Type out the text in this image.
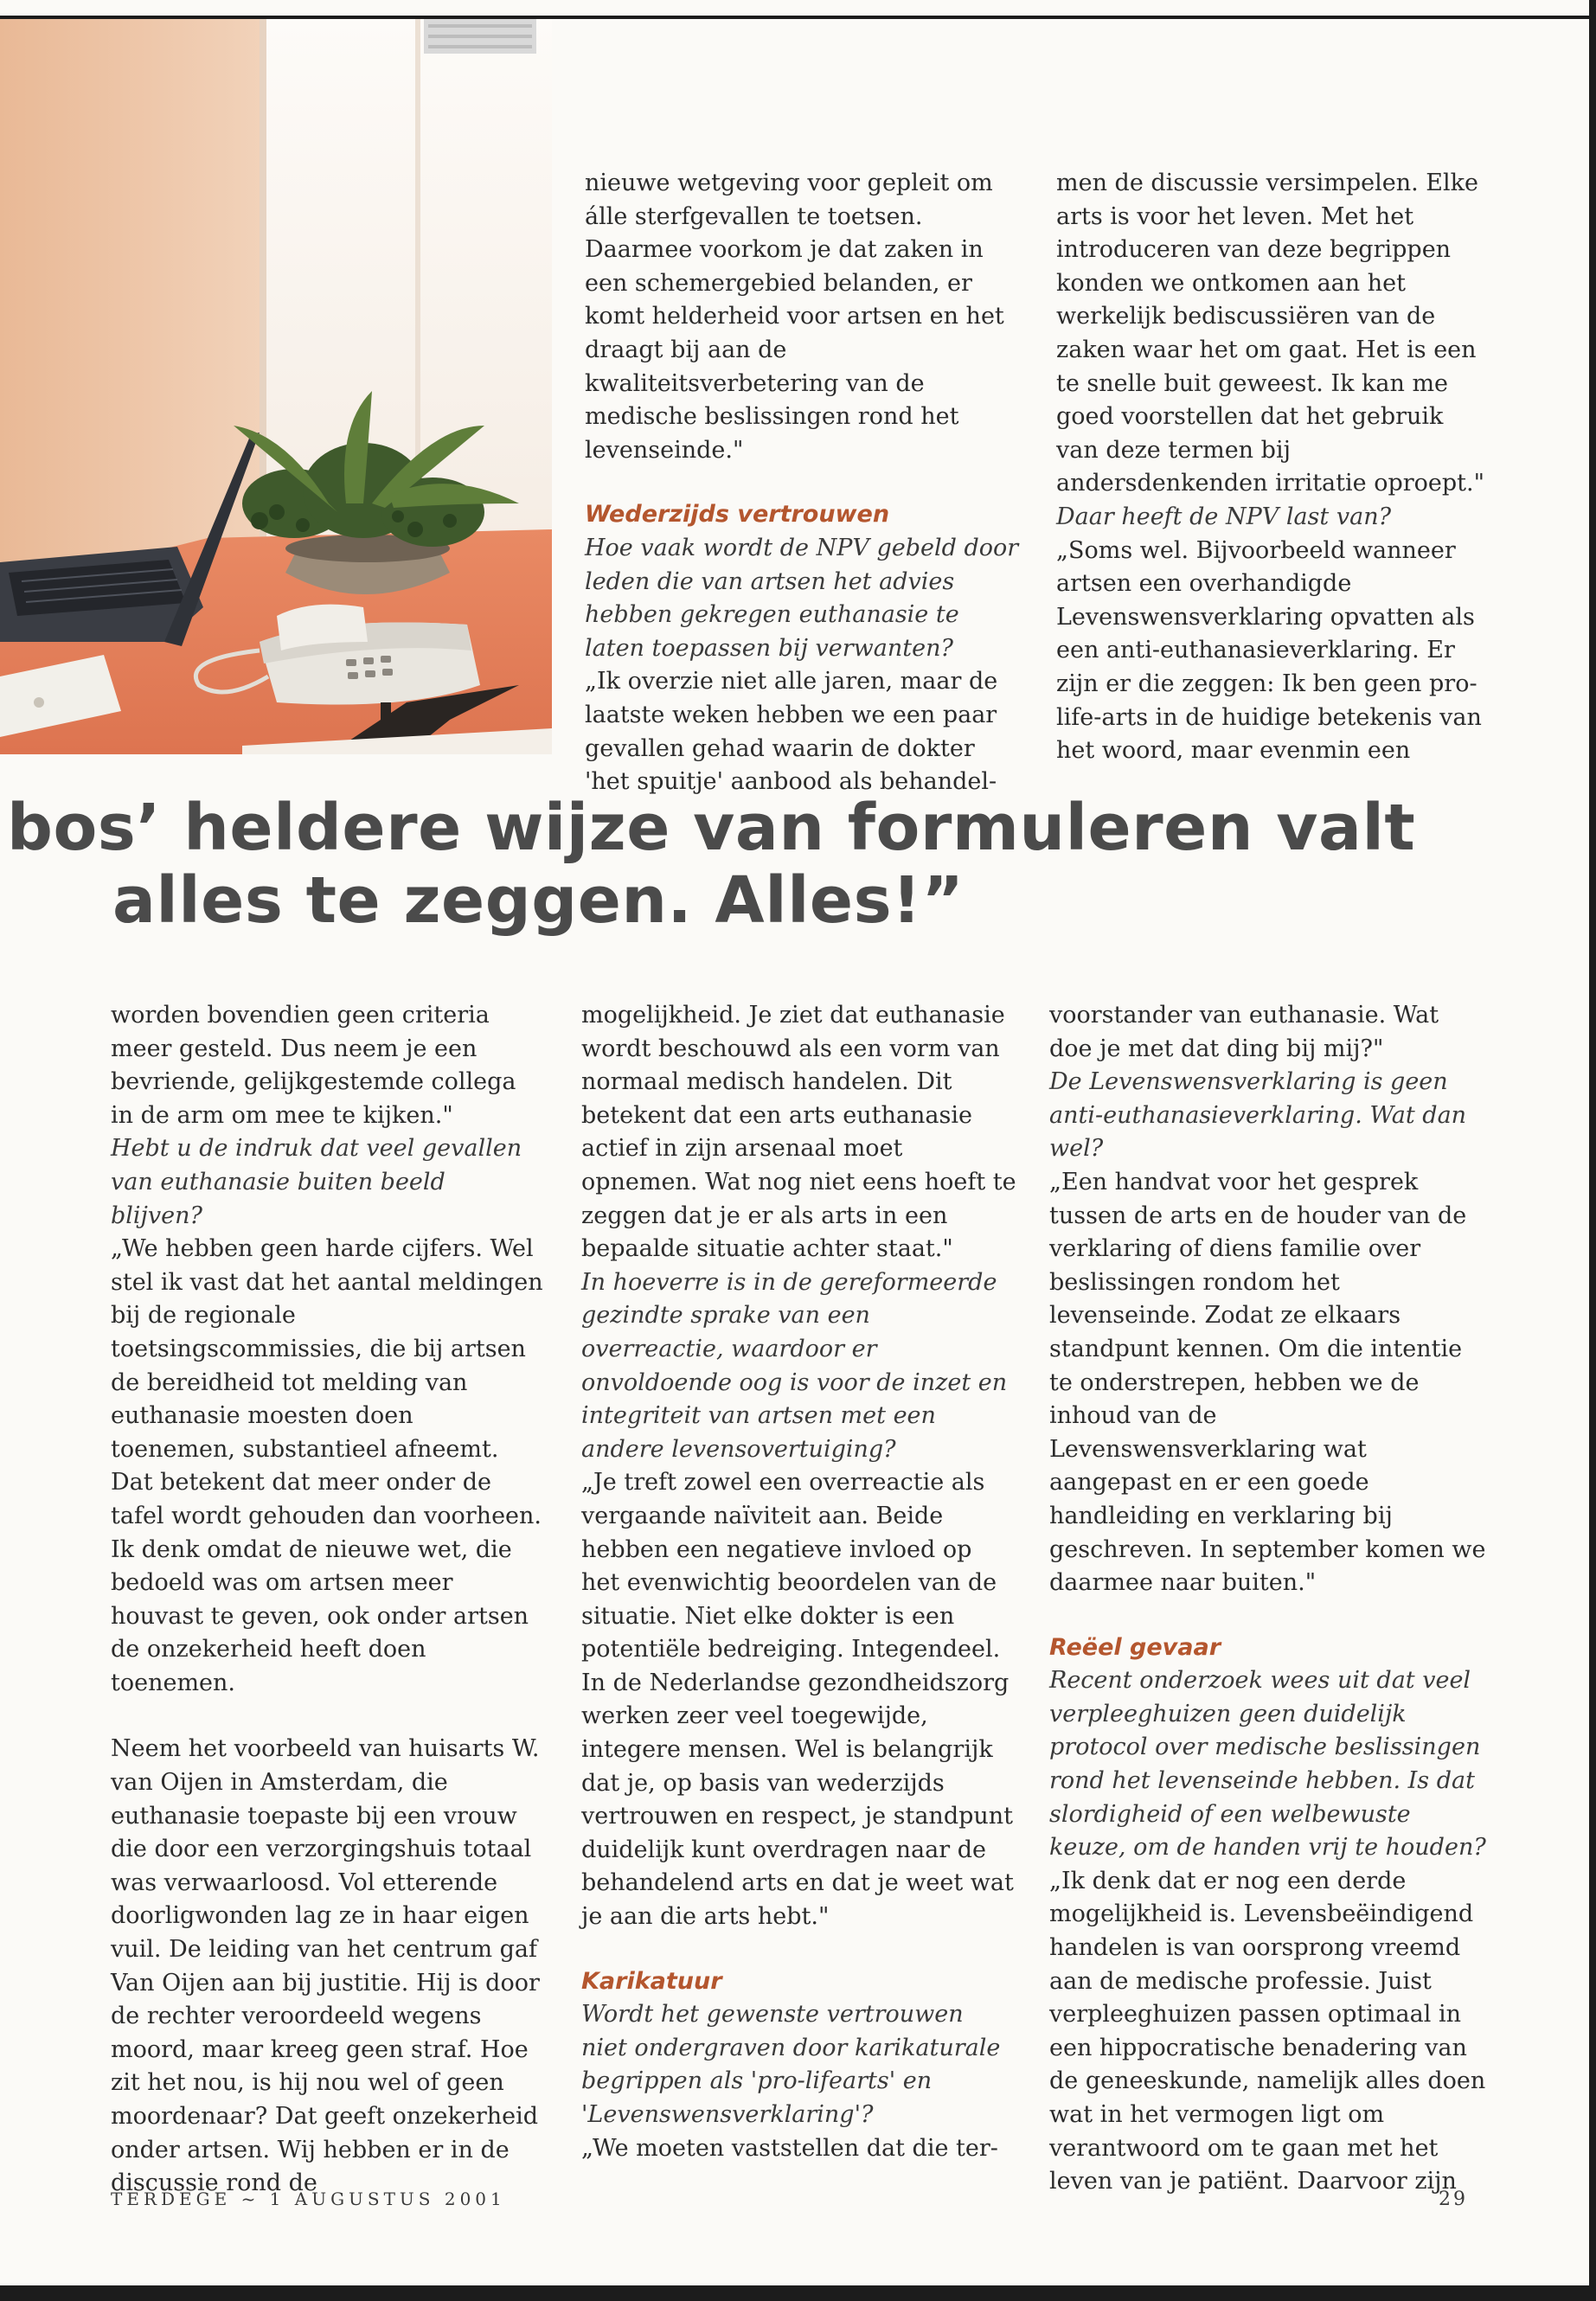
nieuwe wetgeving voor gepleit om álle sterfgevallen te toetsen. Daarmee voorkom je dat zaken in een schemergebied belanden, er komt helderheid voor artsen en het draagt bij aan de kwaliteitsverbetering van de medische beslissingen rond het levenseinde."

Wederzijds vertrouwen

Hoe vaak wordt de NPV gebeld door leden die van artsen het advies hebben gekregen euthanasie te laten toepassen bij verwanten?

„Ik overzie niet alle jaren, maar de laatste weken hebben we een paar gevallen gehad waarin de dokter 'het spuitje' aanbood als behandel-

men de discussie versimpelen. Elke arts is voor het leven. Met het introduceren van deze begrippen konden we ontkomen aan het werkelijk bediscussiëren van de zaken waar het om gaat. Het is een te snelle buit geweest. Ik kan me goed voorstellen dat het gebruik van deze termen bij andersdenkenden irritatie oproept."

Daar heeft de NPV last van?

„Soms wel. Bijvoorbeeld wanneer artsen een overhandigde Levenswensverklaring opvatten als een anti-euthanasieverklaring. Er zijn er die zeggen: Ik ben geen pro-life-arts in de huidige betekenis van het woord, maar evenmin een

bos’ heldere wijze van formuleren valt
alles te zeggen. Alles!”

worden bovendien geen criteria meer gesteld. Dus neem je een bevriende, gelijkgestemde collega in de arm om mee te kijken."

Hebt u de indruk dat veel gevallen van euthanasie buiten beeld blijven?

„We hebben geen harde cijfers. Wel stel ik vast dat het aantal meldingen bij de regionale toetsingscommissies, die bij artsen de bereidheid tot melding van euthanasie moesten doen toenemen, substantieel afneemt. Dat betekent dat meer onder de tafel wordt gehouden dan voorheen. Ik denk omdat de nieuwe wet, die bedoeld was om artsen meer houvast te geven, ook onder artsen de onzekerheid heeft doen toenemen.

Neem het voorbeeld van huisarts W. van Oijen in Amsterdam, die euthanasie toepaste bij een vrouw die door een verzorgingshuis totaal was verwaarloosd. Vol etterende doorligwonden lag ze in haar eigen vuil. De leiding van het centrum gaf Van Oijen aan bij justitie. Hij is door de rechter veroordeeld wegens moord, maar kreeg geen straf. Hoe zit het nou, is hij nou wel of geen moordenaar? Dat geeft onzekerheid onder artsen. Wij hebben er in de discussie rond de

mogelijkheid. Je ziet dat euthanasie wordt beschouwd als een vorm van normaal medisch handelen. Dit betekent dat een arts euthanasie actief in zijn arsenaal moet opnemen. Wat nog niet eens hoeft te zeggen dat je er als arts in een bepaalde situatie achter staat."

In hoeverre is in de gereformeerde gezindte sprake van een overreactie, waardoor er onvoldoende oog is voor de inzet en integriteit van artsen met een andere levensovertuiging?

„Je treft zowel een overreactie als vergaande naïviteit aan. Beide hebben een negatieve invloed op het evenwichtig beoordelen van de situatie. Niet elke dokter is een potentiële bedreiging. Integendeel. In de Nederlandse gezondheidszorg werken zeer veel toegewijde, integere mensen. Wel is belangrijk dat je, op basis van wederzijds vertrouwen en respect, je standpunt duidelijk kunt overdragen naar de behandelend arts en dat je weet wat je aan die arts hebt."

Karikatuur

Wordt het gewenste vertrouwen niet ondergraven door karikaturale begrippen als 'pro-lifearts' en 'Levenswensverklaring'?

„We moeten vaststellen dat die ter-

voorstander van euthanasie. Wat doe je met dat ding bij mij?"

De Levenswensverklaring is geen anti-euthanasieverklaring. Wat dan wel?

„Een handvat voor het gesprek tussen de arts en de houder van de verklaring of diens familie over beslissingen rondom het levenseinde. Zodat ze elkaars standpunt kennen. Om die intentie te onderstrepen, hebben we de inhoud van de Levenswensverklaring wat aangepast en er een goede handleiding en verklaring bij geschreven. In september komen we daarmee naar buiten."

Reëel gevaar

Recent onderzoek wees uit dat veel verpleeghuizen geen duidelijk protocol over medische beslissingen rond het levenseinde hebben. Is dat slordigheid of een welbewuste keuze, om de handen vrij te houden?

„Ik denk dat er nog een derde mogelijkheid is. Levensbeëindigend handelen is van oorsprong vreemd aan de medische professie. Juist verpleeghuizen passen optimaal in een hippocratische benadering van de geneeskunde, namelijk alles doen wat in het vermogen ligt om verantwoord om te gaan met het leven van je patiënt. Daarvoor zijn

TERDEGE ~ 1 AUGUSTUS 2001	29
